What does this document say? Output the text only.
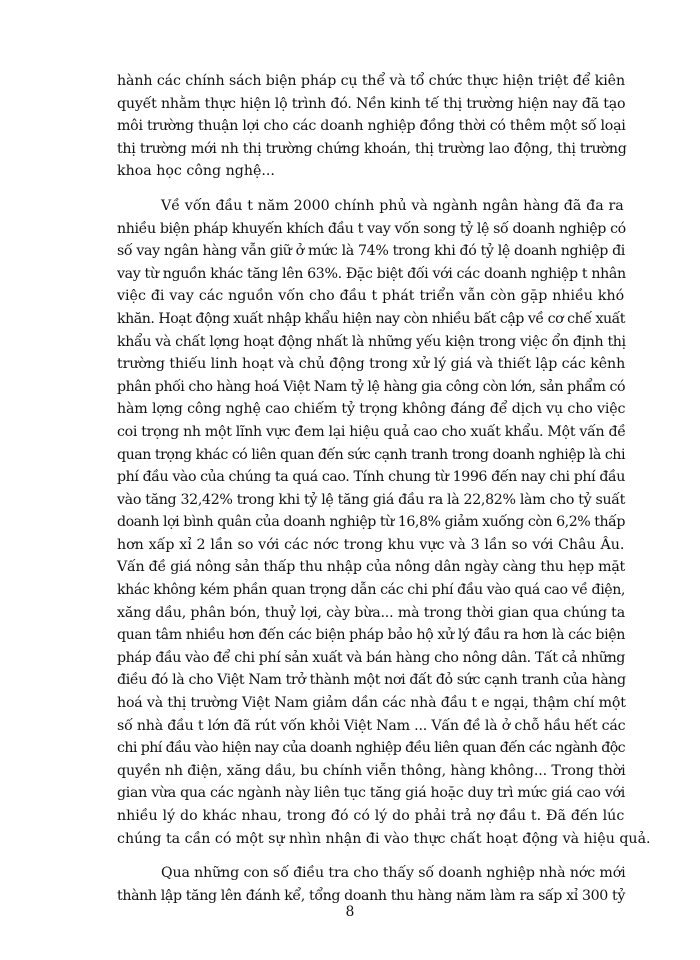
hành các chính sách biện pháp cụ thể và tổ chức thực hiện triệt để kiên
quyết nhằm thực hiện lộ trình đó. Nền kinh tế thị trường hiện nay đã tạo
môi trường thuận lợi cho các doanh nghiệp đồng thời có thêm một số loại
thị trường mới nh thị trường chứng khoán, thị trường lao động, thị trường
khoa học công nghệ...

Về vốn đầu t năm 2000 chính phủ và ngành ngân hàng đã đa ra
nhiều biện pháp khuyến khích đầu t vay vốn song tỷ lệ số doanh nghiệp có
số vay ngân hàng vẫn giữ ở mức là 74% trong khi đó tỷ lệ doanh nghiệp đi
vay từ nguồn khác tăng lên 63%. Đặc biệt đối với các doanh nghiệp t nhân
việc đi vay các nguồn vốn cho đầu t phát triển vẫn còn gặp nhiều khó
khăn. Hoạt động xuất nhập khẩu hiện nay còn nhiều bất cập về cơ chế xuất
khẩu và chất lợng hoạt động nhất là những yếu kiện trong việc ổn định thị
trường thiếu linh hoạt và chủ động trong xử lý giá và thiết lập các kênh
phân phối cho hàng hoá Việt Nam tỷ lệ hàng gia công còn lớn, sản phẩm có
hàm lợng công nghệ cao chiếm tỷ trọng không đáng để dịch vụ cho việc
coi trọng nh một lĩnh vực đem lại hiệu quả cao cho xuất khẩu. Một vấn đề
quan trọng khác có liên quan đến sức cạnh tranh trong doanh nghiệp là chi
phí đầu vào của chúng ta quá cao. Tính chung từ 1996 đến nay chi phí đầu
vào tăng 32,42% trong khi tỷ lệ tăng giá đầu ra là 22,82% làm cho tỷ suất
doanh lợi bình quân của doanh nghiệp từ 16,8% giảm xuống còn 6,2% thấp
hơn xấp xỉ 2 lần so với các nớc trong khu vực và 3 lần so với Châu Âu.
Vấn đề giá nông sản thấp thu nhập của nông dân ngày càng thu hẹp mặt
khác không kém phần quan trọng dẫn các chi phí đầu vào quá cao về điện,
xăng dầu, phân bón, thuỷ lợi, cày bừa... mà trong thời gian qua chúng ta
quan tâm nhiều hơn đến các biện pháp bảo hộ xử lý đầu ra hơn là các biện
pháp đầu vào để chi phí sản xuất và bán hàng cho nông dân. Tất cả những
điều đó là cho Việt Nam trở thành một nơi đất đỏ sức cạnh tranh của hàng
hoá và thị trường Việt Nam giảm dần các nhà đầu t e ngại, thậm chí một
số nhà đầu t lớn đã rút vốn khỏi Việt Nam ... Vấn đề là ở chỗ hầu hết các
chi phí đầu vào hiện nay của doanh nghiệp đều liên quan đến các ngành độc
quyền nh điện, xăng dầu, bu chính viễn thông, hàng không... Trong thời
gian vừa qua các ngành này liên tục tăng giá hoặc duy trì mức giá cao với
nhiều lý do khác nhau, trong đó có lý do phải trả nợ đầu t. Đã đến lúc
chúng ta cần có một sự nhìn nhận đi vào thực chất hoạt động và hiệu quả.

Qua những con số điều tra cho thấy số doanh nghiệp nhà nớc mới
thành lập tăng lên đánh kể, tổng doanh thu hàng năm làm ra sấp xỉ 300 tỷ

8
